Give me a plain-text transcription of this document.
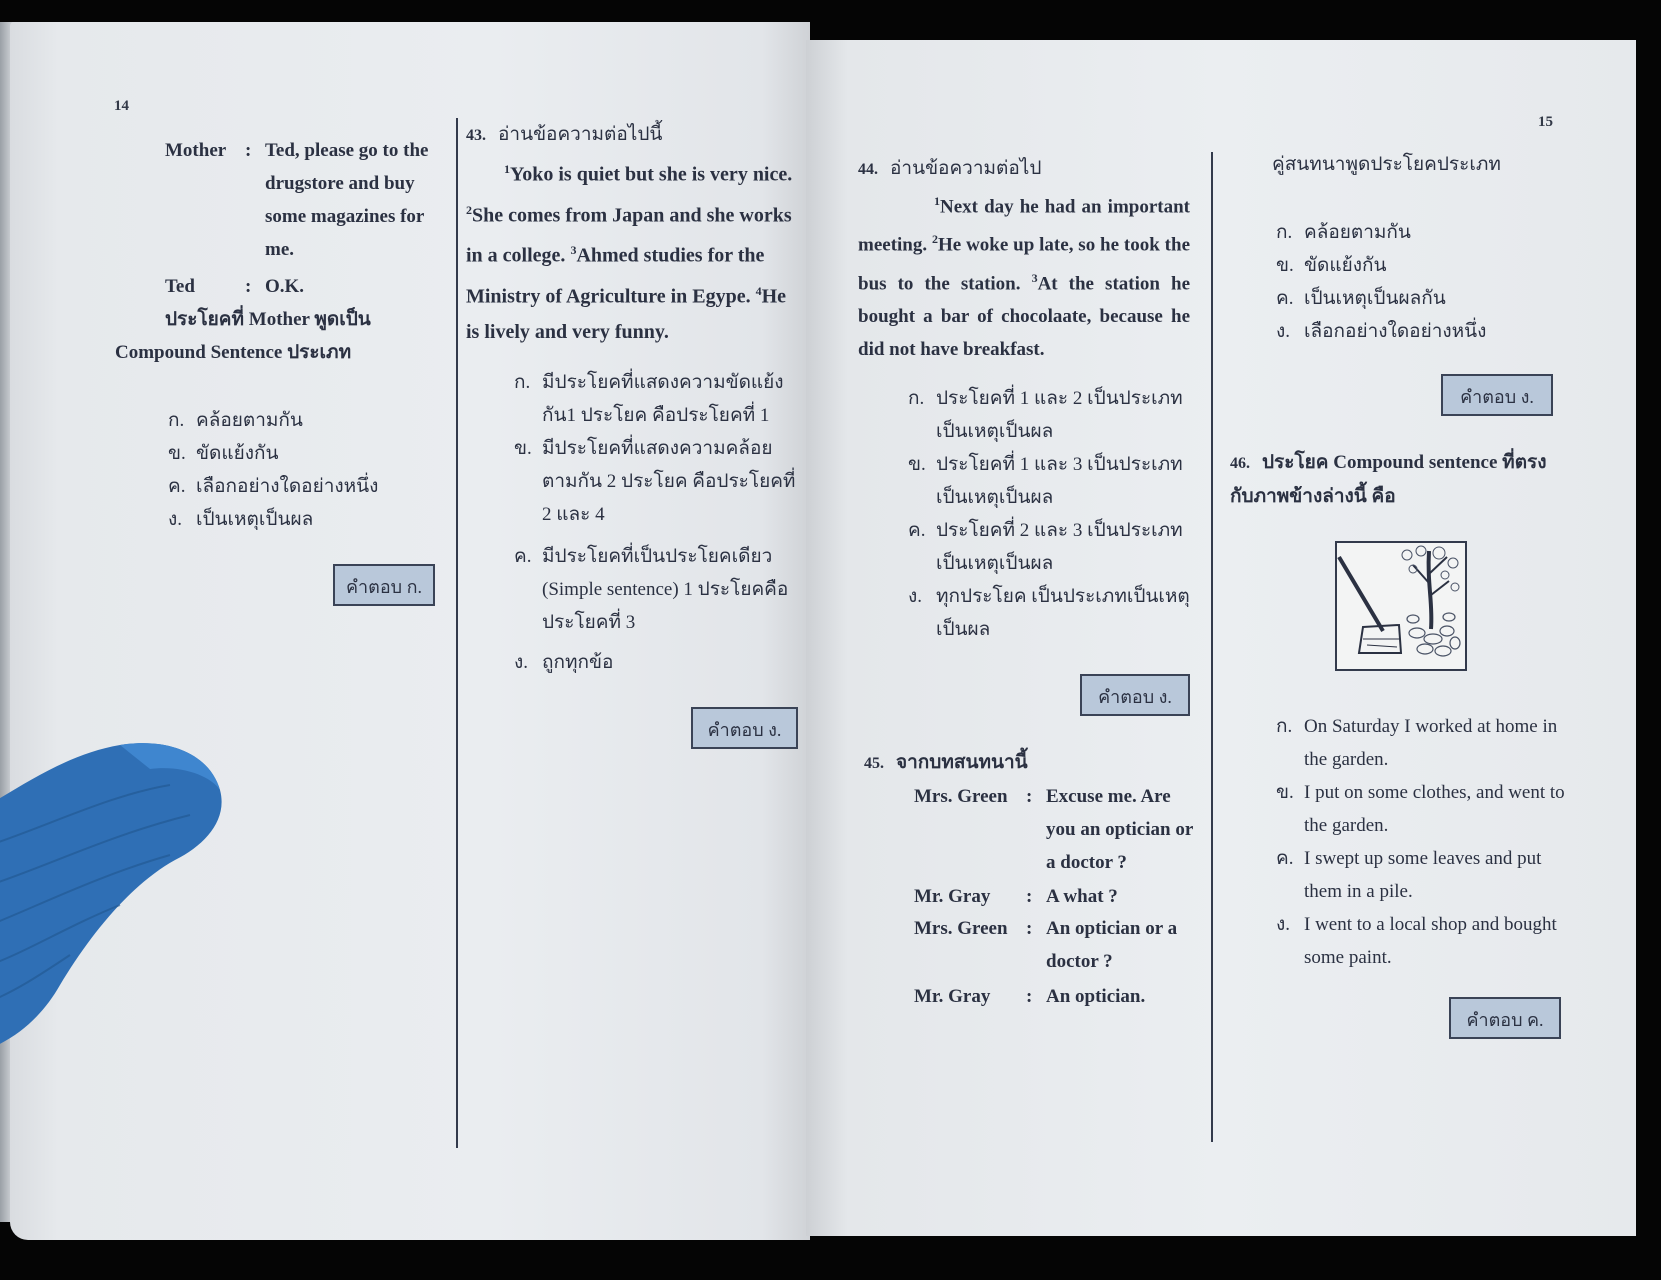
14
Mother : Ted, please go to the drugstore and buy some magazines for me.
Ted	: O.K.
ประโยคที่ Mother พูดเป็น Compound Sentence ประเภท
ก. คล้อยตามกัน
ข. ขัดแย้งกัน
ค. เลือกอย่างใดอย่างหนึ่ง
ง. เป็นเหตุเป็นผล
คำตอบ ก.
43. อ่านข้อความต่อไปนี้
$^1$Yoko is quiet but she is very nice. $^2$She comes from Japan and she works in a college. $^3$Ahmed studies for the Ministry of Agriculture in Egype. $^4$He is lively and very funny.
ก. มีประโยคที่แสดงความขัดแย้งกัน1 ประโยค คือประโยคที่ 1
ข. มีประโยคที่แสดงความคล้อยตามกัน 2 ประโยค คือประโยคที่ 2 และ 4
ค. มีประโยคที่เป็นประโยคเดียว (Simple sentence) 1 ประโยคคือ ประโยคที่ 3
ง. ถูกทุกข้อ
คำตอบ ง.
15
44. อ่านข้อความต่อไป
$^1$Next day he had an important meeting. $^2$He woke up late, so he took the bus to the station. $^3$At the station he bought a bar of chocolaate, because he did not have breakfast.
ก. ประโยคที่ 1 และ 2 เป็นประเภท เป็นเหตุเป็นผล
ข. ประโยคที่ 1 และ 3 เป็นประเภท เป็นเหตุเป็นผล
ค. ประโยคที่ 2 และ 3 เป็นประเภท เป็นเหตุเป็นผล
ง. ทุกประโยค เป็นประเภทเป็นเหตุ เป็นผล
คำตอบ ง.
45. จากบทสนทนานี้
Mrs. Green : Excuse me. Are you an optician or a doctor ?
Mr. Gray	: A what ?
Mrs. Green : An optician or a doctor ?
Mr. Gray	: An optician.
คู่สนทนาพูดประโยคประเภท
ก. คล้อยตามกัน
ข. ขัดแย้งกัน
ค. เป็นเหตุเป็นผลกัน
ง. เลือกอย่างใดอย่างหนึ่ง
คำตอบ ง.
46. ประโยค Compound sentence ที่ตรงกับภาพข้างล่างนี้ คือ
ก. On Saturday I worked at home in the garden.
ข. I put on some clothes, and went to the garden.
ค. I swept up some leaves and put them in a pile.
ง. I went to a local shop and bought some paint.
คำตอบ ค.
